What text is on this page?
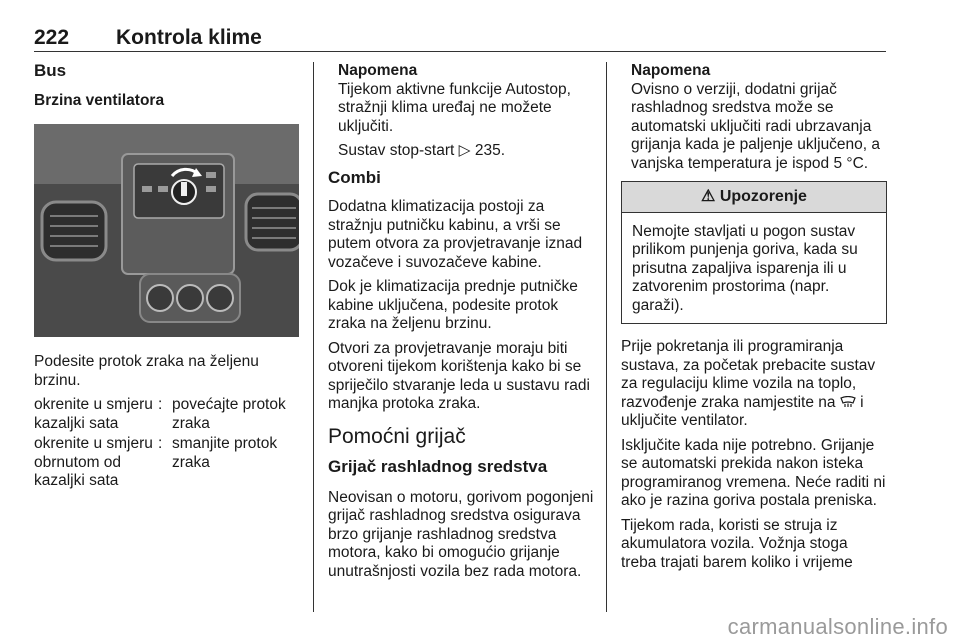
222 Kontrola klime
Bus
Brzina ventilatora

Podesite protok zraka na željenu brzinu.

okrenite u smjeru kazaljki sata
: povećajte protok zraka
okrenite u smjeru obrnutom od kazaljki sata
: smanjite protok zraka
Napomena

Tijekom aktivne funkcije Autostop, stražnji klima uređaj ne možete uključiti.

Sustav stop-start ▷ 235.

Combi

Dodatna klimatizacija postoji za stražnju putničku kabinu, a vrši se putem otvora za provjetravanje iznad vozačeve i suvozačeve kabine.

Dok je klimatizacija prednje putničke kabine uključena, podesite protok zraka na željenu brzinu.

Otvori za provjetravanje moraju biti otvoreni tijekom korištenja kako bi se spriječilo stvaranje leda u sustavu radi manjka protoka zraka.

Pomoćni grijač
Grijač rashladnog sredstva

Neovisan o motoru, gorivom pogonjeni grijač rashladnog sredstva osigurava brzo grijanje rashladnog sredstva motora, kako bi omogućio grijanje unutrašnjosti vozila bez rada motora.

Napomena

Ovisno o verziji, dodatni grijač rashladnog sredstva može se automatski uključiti radi ubrzavanja grijanja kada je paljenje uključeno, a vanjska temperatura je ispod 5 °C.

⚠ Upozorenje
Nemojte stavljati u pogon sustav prilikom punjenja goriva, kada su prisutna zapaljiva isparenja ili u zatvorenim prostorima (napr. garaži).

Prije pokretanja ili programiranja sustava, za početak prebacite sustav za regulaciju klime vozila na toplo, razvođenje zraka namjestite na i uključite ventilator.

Isključite kada nije potrebno. Grijanje se automatski prekida nakon isteka programiranog vremena. Neće raditi ni ako je razina goriva postala preniska.

Tijekom rada, koristi se struja iz akumulatora vozila. Vožnja stoga treba trajati barem koliko i vrijeme

carmanualsonline.info
